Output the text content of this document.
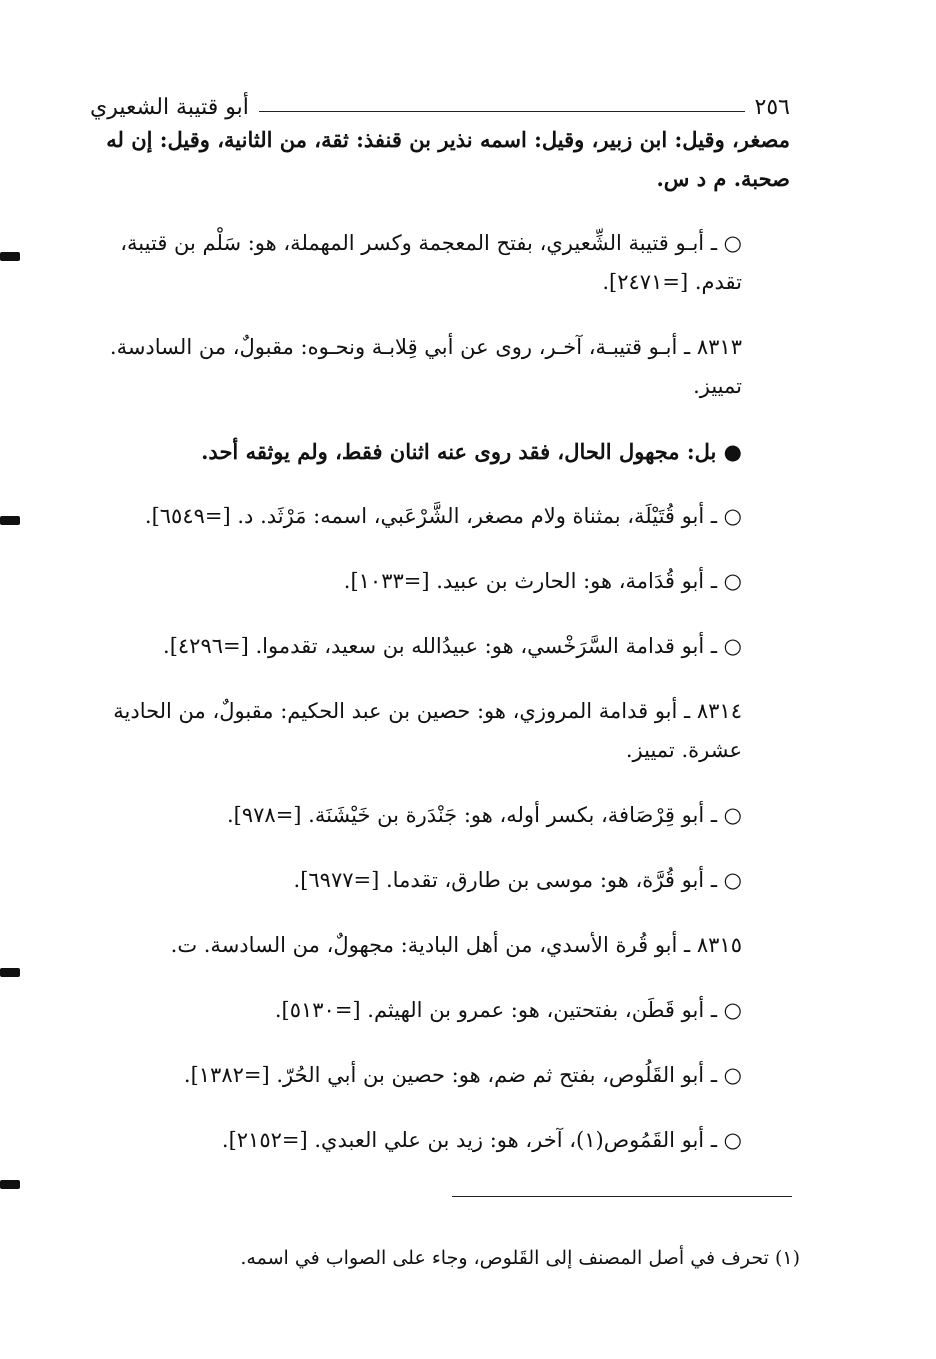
٢٥٦
أبو قتيبة الشعيري

مصغر، وقيل: ابن زبير، وقيل: اسمه نذير بن قنفذ: ثقة، من الثانية، وقيل: إن له صحبة. م د س.

○ ـ أبـو قتيبة الشِّعيري، بفتح المعجمة وكسر المهملة، هو: سَلْم بن قتيبة، تقدم. [=٢٤٧١].

٨٣١٣ ـ أبـو قتيبـة، آخـر، روى عن أبي قِلابـة ونحـوه: مقبولٌ، من السادسة. تمييز.

● بل: مجهول الحال، فقد روى عنه اثنان فقط، ولم يوثقه أحد.

○ ـ أبو قُتَيْلَة، بمثناة ولام مصغر، الشَّرْعَبي، اسمه: مَرْثَد. د. [=٦٥٤٩].

○ ـ أبو قُدَامة، هو: الحارث بن عبيد. [=١٠٣٣].

○ ـ أبو قدامة السَّرَخْسي، هو: عبيدُالله بن سعيد، تقدموا. [=٤٢٩٦].

٨٣١٤ ـ أبو قدامة المروزي، هو: حصين بن عبد الحكيم: مقبولٌ، من الحادية عشرة. تمييز.

○ ـ أبو قِرْصَافة، بكسر أوله، هو: جَنْدَرة بن خَيْشَنَة. [=٩٧٨].

○ ـ أبو قُرَّة، هو: موسى بن طارق، تقدما. [=٦٩٧٧].

٨٣١٥ ـ أبو قُرة الأسدي، من أهل البادية: مجهولٌ، من السادسة. ت.

○ ـ أبو قَطَن، بفتحتين، هو: عمرو بن الهيثم. [=٥١٣٠].

○ ـ أبو القَلُوص، بفتح ثم ضم، هو: حصين بن أبي الحُرّ. [=١٣٨٢].

○ ـ أبو القَمُوص(١)، آخر، هو: زيد بن علي العبدي. [=٢١٥٢].

(١) تحرف في أصل المصنف إلى القَلوص، وجاء على الصواب في اسمه.
